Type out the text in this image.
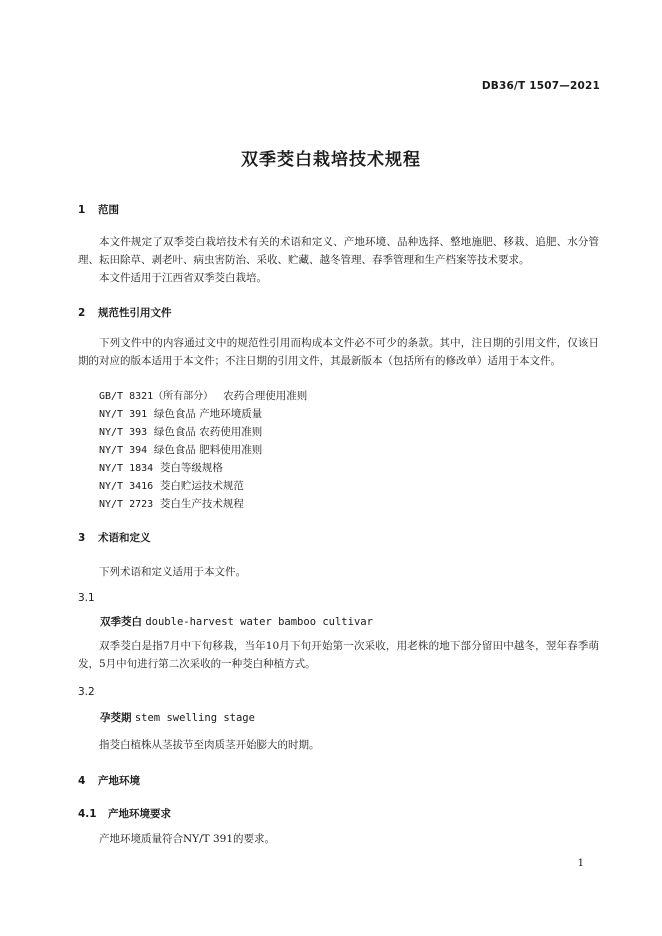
DB36/T 1507—2021
双季茭白栽培技术规程
1 范围

本文件规定了双季茭白栽培技术有关的术语和定义、产地环境、品种选择、整地施肥、移栽、追肥、水分管理、耘田除草、剥老叶、病虫害防治、采收、贮藏、越冬管理、春季管理和生产档案等技术要求。

本文件适用于江西省双季茭白栽培。

2 规范性引用文件

下列文件中的内容通过文中的规范性引用而构成本文件必不可少的条款。其中，注日期的引用文件，仅该日期的对应的版本适用于本文件；不注日期的引用文件，其最新版本（包括所有的修改单）适用于本文件。

GB/T 8321（所有部分） 农药合理使用准则
NY/T 391 绿色食品 产地环境质量
NY/T 393 绿色食品 农药使用准则
NY/T 394 绿色食品 肥料使用准则
NY/T 1834 茭白等级规格
NY/T 3416 茭白贮运技术规范
NY/T 2723 茭白生产技术规程
3 术语和定义

下列术语和定义适用于本文件。

3.1
双季茭白 double-harvest water bamboo cultivar

双季茭白是指7月中下旬移栽，当年10月下旬开始第一次采收，用老株的地下部分留田中越冬，翌年春季萌发，5月中旬进行第二次采收的一种茭白种植方式。

3.2
孕茭期 stem swelling stage

指茭白植株从茎拔节至肉质茎开始膨大的时期。

4 产地环境
4.1 产地环境要求

产地环境质量符合NY/T 391的要求。

1
